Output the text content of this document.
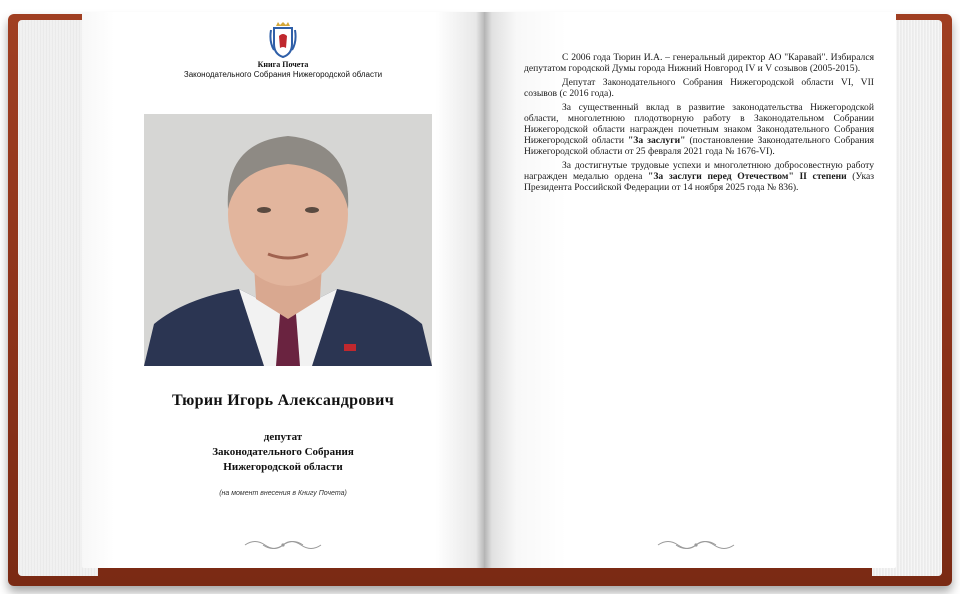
Книга Почета
Законодательного Собрания Нижегородской области
Тюрин Игорь Александрович
депутат
Законодательного Собрания
Нижегородской области
(на момент внесения в Книгу Почета)

С 2006 года Тюрин И.А. – генеральный директор АО "Каравай". Избирался депутатом городской Думы города Нижний Новгород IV и V созывов (2005-2015).

Депутат Законодательного Собрания Нижегородской области VI, VII созывов (с 2016 года).

За существенный вклад в развитие законодательства Нижегородской области, многолетнюю плодотворную работу в Законодательном Собрании Нижегородской области награжден почетным знаком Законодательного Собрания Нижегородской области "За заслуги" (постановление Законодательного Собрания Нижегородской области от 25 февраля 2021 года № 1676-VI).

За достигнутые трудовые успехи и многолетнюю добросовестную работу награжден медалью ордена "За заслуги перед Отечеством" II степени (Указ Президента Российской Федерации от 14 ноября 2025 года № 836).
